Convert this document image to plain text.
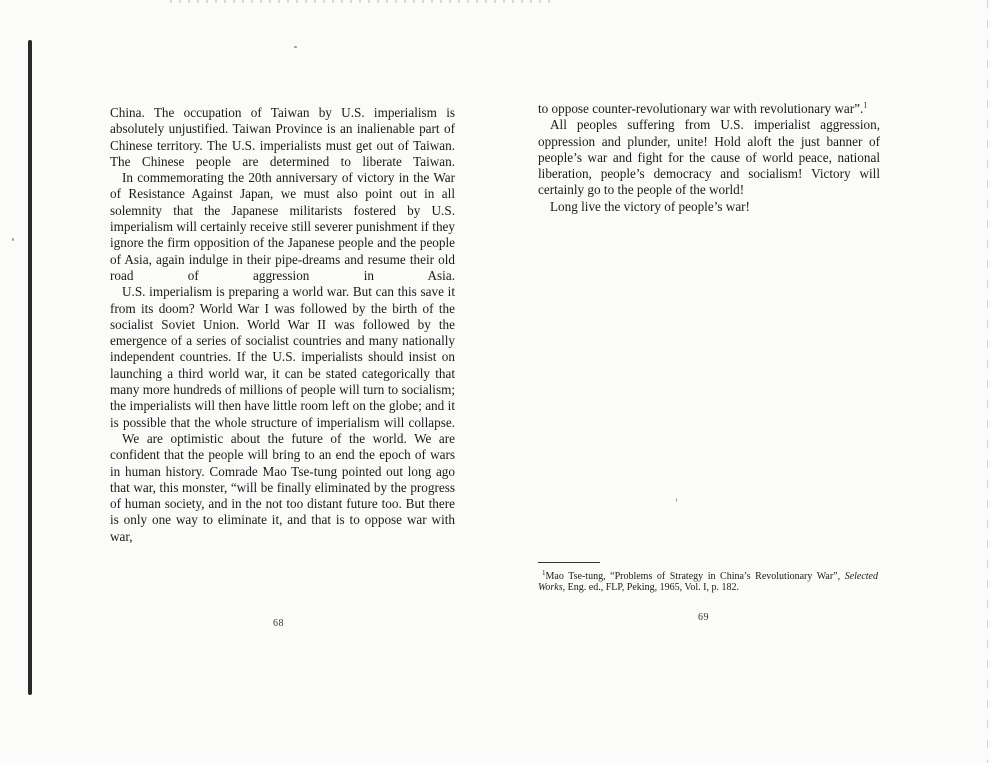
China. The occupation of Taiwan by U.S. imperialism is absolutely unjustified. Taiwan Province is an inalienable part of Chinese territory. The U.S. imperialists must get out of Taiwan. The Chinese people are determined to liberate Taiwan.

In commemorating the 20th anniversary of victory in the War of Resistance Against Japan, we must also point out in all solemnity that the Japanese militarists fostered by U.S. imperialism will certainly receive still severer punishment if they ignore the firm opposition of the Japanese people and the people of Asia, again indulge in their pipe-dreams and resume their old road of aggression in Asia.

U.S. imperialism is preparing a world war. But can this save it from its doom? World War I was followed by the birth of the socialist Soviet Union. World War II was followed by the emergence of a series of socialist countries and many nationally independent countries. If the U.S. imperialists should insist on launching a third world war, it can be stated categorically that many more hundreds of millions of people will turn to socialism; the imperialists will then have little room left on the globe; and it is possible that the whole structure of imperialism will collapse.

We are optimistic about the future of the world. We are confident that the people will bring to an end the epoch of wars in human history. Comrade Mao Tse-tung pointed out long ago that war, this monster, “will be finally eliminated by the progress of human society, and in the not too distant future too. But there is only one way to eliminate it, and that is to oppose war with war,

68

to oppose counter-revolutionary war with revolutionary war”.$^1$

All peoples suffering from U.S. imperialist aggression, oppression and plunder, unite! Hold aloft the just banner of people’s war and fight for the cause of world peace, national liberation, people’s democracy and socialism! Victory will certainly go to the people of the world!

Long live the victory of people’s war!

$^1$Mao Tse-tung, “Problems of Strategy in China’s Revolutionary War”, Selected Works, Eng. ed., FLP, Peking, 1965, Vol. I, p. 182.

69
